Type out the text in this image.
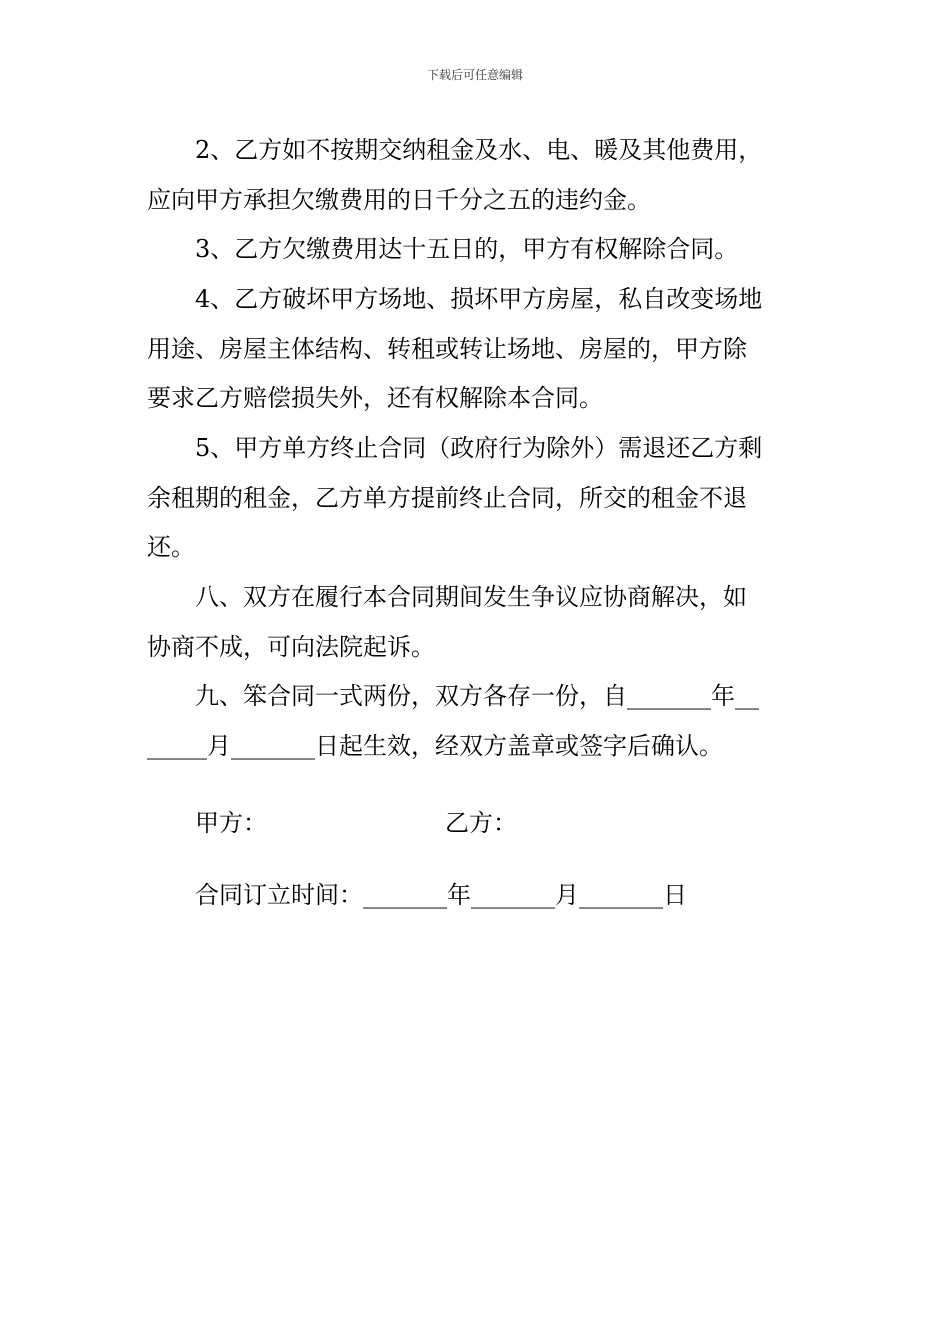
下载后可任意编辑
2、乙方如不按期交纳租金及水、电、暖及其他费用，
应向甲方承担欠缴费用的日千分之五的违约金。
3、乙方欠缴费用达十五日的，甲方有权解除合同。
4、乙方破坏甲方场地、损坏甲方房屋，私自改变场地
用途、房屋主体结构、转租或转让场地、房屋的，甲方除
要求乙方赔偿损失外，还有权解除本合同。
5、甲方单方终止合同（政府行为除外）需退还乙方剩
余租期的租金，乙方单方提前终止合同，所交的租金不退
还。
八、双方在履行本合同期间发生争议应协商解决，如
协商不成，可向法院起诉。
九、笨合同一式两份，双方各存一份，自_______年__
_____月_______日起生效，经双方盖章或签字后确认。
甲方：	乙方：
合同订立时间：_______年_______月_______日
